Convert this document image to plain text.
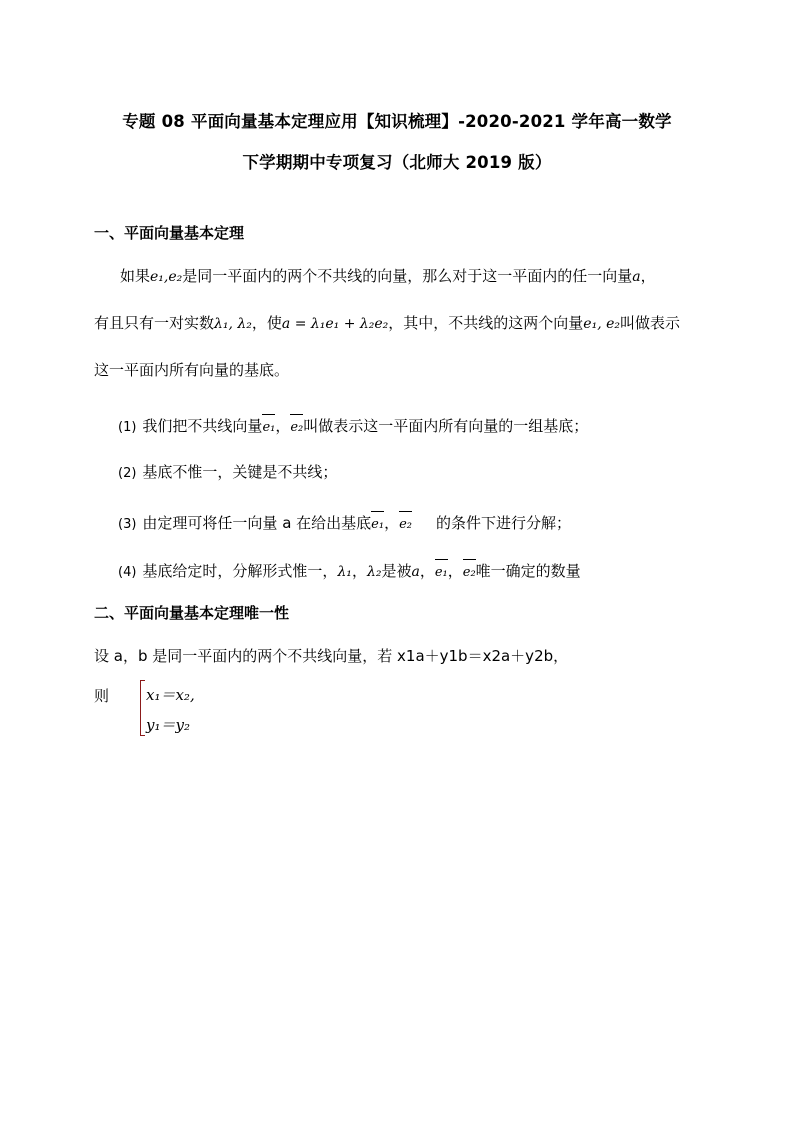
专题 08 平面向量基本定理应用【知识梳理】-2020-2021 学年高一数学
下学期期中专项复习（北师大 2019 版）
一、平面向量基本定理
如果e₁,e₂是同一平面内的两个不共线的向量，那么对于这一平面内的任一向量a，
有且只有一对实数λ₁, λ₂，使a = λ₁e₁ + λ₂e₂，其中，不共线的这两个向量e₁, e₂叫做表示
这一平面内所有向量的基底。
(1) 我们把不共线向量
e₁，
e₂叫做表示这一平面内所有向量的一组基底；
(2) 基底不惟一，关键是不共线；
(3) 由定理可将任一向量 a 在给出基底
e₁，
e₂ 的条件下进行分解；
(4) 基底给定时，分解形式惟一，λ₁，λ₂是被a，
e₁，
e₂唯一确定的数量
二、平面向量基本定理唯一性
设 a，b 是同一平面内的两个不共线向量，若 x1a＋y1b＝x2a＋y2b，
则 x₁＝x₂,
y₁＝y₂
